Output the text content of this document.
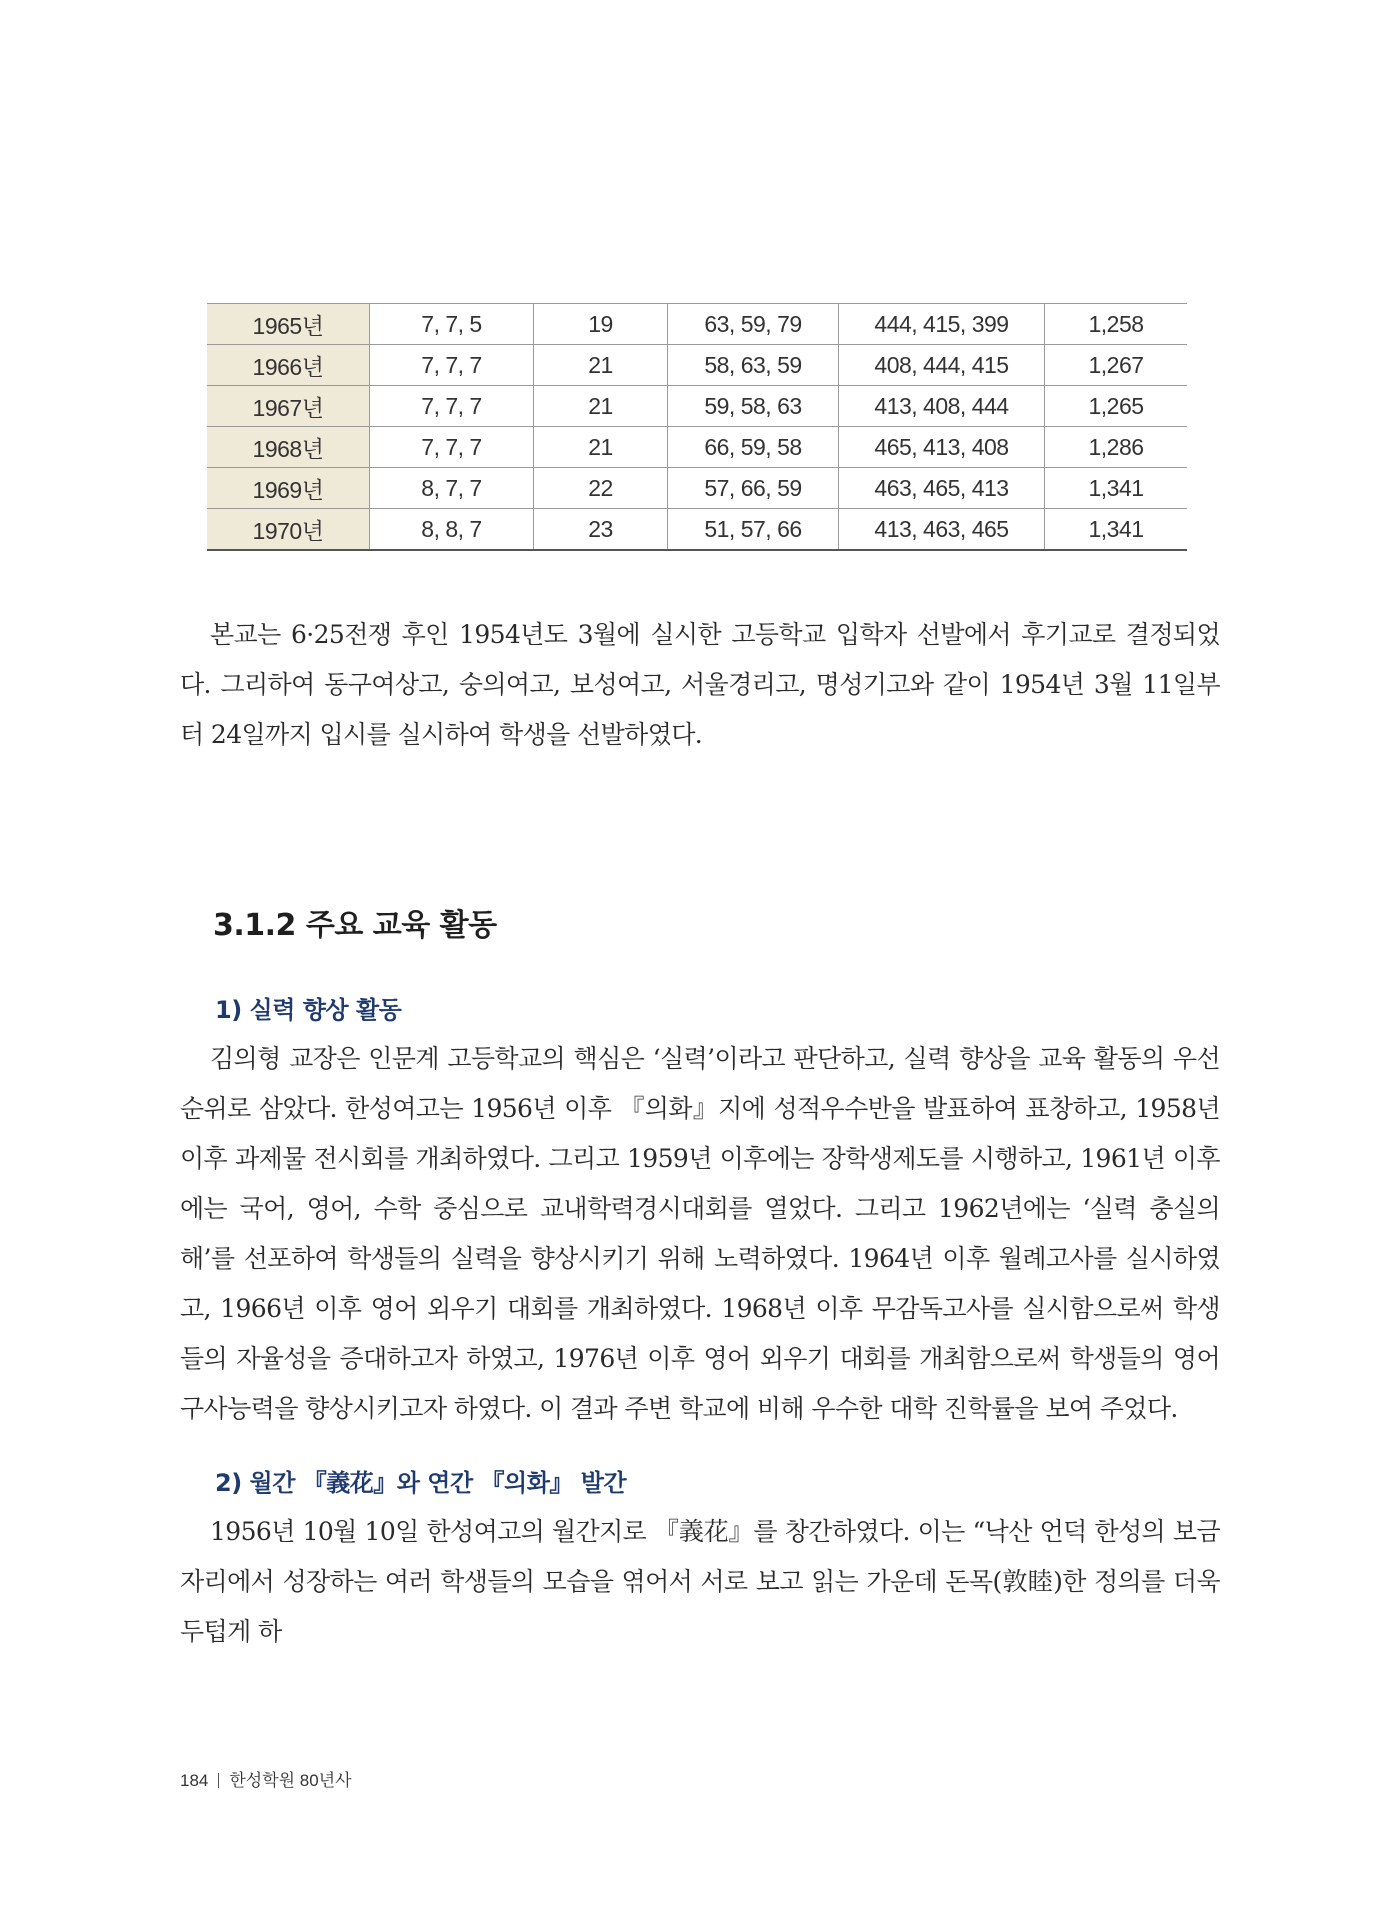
1965년	7, 7, 5	19	63, 59, 79	444, 415, 399	1,258
1966년	7, 7, 7	21	58, 63, 59	408, 444, 415	1,267
1967년	7, 7, 7	21	59, 58, 63	413, 408, 444	1,265
1968년	7, 7, 7	21	66, 59, 58	465, 413, 408	1,286
1969년	8, 7, 7	22	57, 66, 59	463, 465, 413	1,341
1970년	8, 8, 7	23	51, 57, 66	413, 463, 465	1,341

본교는 6·25전쟁 후인 1954년도 3월에 실시한 고등학교 입학자 선발에서 후기교로 결정되었다. 그리하여 동구여상고, 숭의여고, 보성여고, 서울경리고, 명성기고와 같이 1954년 3월 11일부터 24일까지 입시를 실시하여 학생을 선발하였다.

3.1.2 주요 교육 활동
1) 실력 향상 활동

김의형 교장은 인문계 고등학교의 핵심은 ‘실력’이라고 판단하고, 실력 향상을 교육 활동의 우선순위로 삼았다. 한성여고는 1956년 이후 『의화』지에 성적우수반을 발표하여 표창하고, 1958년 이후 과제물 전시회를 개최하였다. 그리고 1959년 이후에는 장학생제도를 시행하고, 1961년 이후에는 국어, 영어, 수학 중심으로 교내학력경시대회를 열었다. 그리고 1962년에는 ‘실력 충실의 해’를 선포하여 학생들의 실력을 향상시키기 위해 노력하였다. 1964년 이후 월례고사를 실시하였고, 1966년 이후 영어 외우기 대회를 개최하였다. 1968년 이후 무감독고사를 실시함으로써 학생들의 자율성을 증대하고자 하였고, 1976년 이후 영어 외우기 대회를 개최함으로써 학생들의 영어구사능력을 향상시키고자 하였다. 이 결과 주변 학교에 비해 우수한 대학 진학률을 보여 주었다.

2) 월간 『義花』와 연간 『의화』 발간

1956년 10월 10일 한성여고의 월간지로 『義花』를 창간하였다. 이는 “낙산 언덕 한성의 보금자리에서 성장하는 여러 학생들의 모습을 엮어서 서로 보고 읽는 가운데 돈목(敦睦)한 정의를 더욱 두텁게 하

184 한성학원 80년사
